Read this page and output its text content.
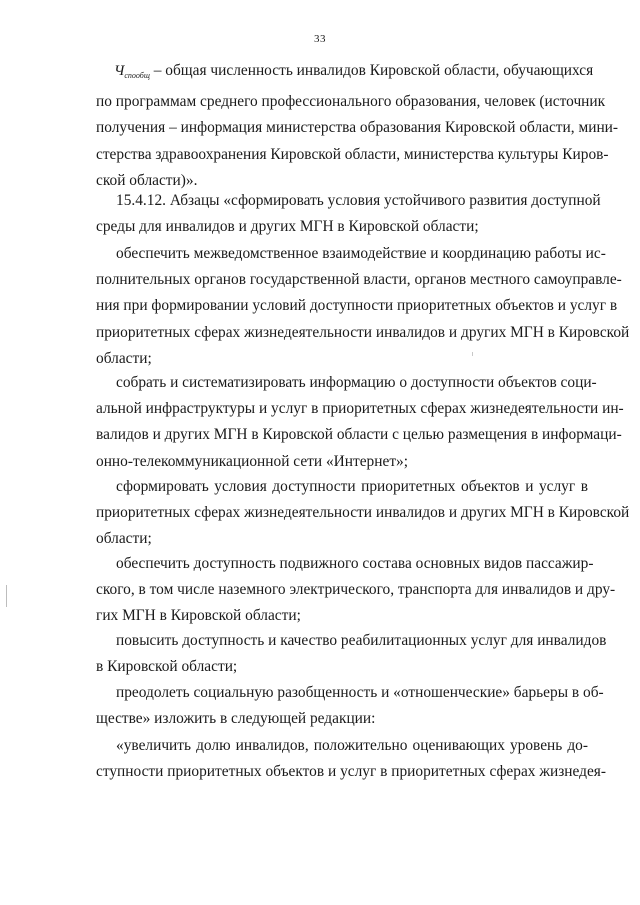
33
$Ч_{спообщ}$ – общая численность инвалидов Кировской области, обучающихся
по программам среднего профессионального образования, человек (источник
получения – информация министерства образования Кировской области, мини-
стерства здравоохранения Кировской области, министерства культуры Киров-
ской области)».
15.4.12. Абзацы «сформировать условия устойчивого развития доступной
среды для инвалидов и других МГН в Кировской области;
обеспечить межведомственное взаимодействие и координацию работы ис-
полнительных органов государственной власти, органов местного самоуправле-
ния при формировании условий доступности приоритетных объектов и услуг в
приоритетных сферах жизнедеятельности инвалидов и других МГН в Кировской
области;
собрать и систематизировать информацию о доступности объектов соци-
альной инфраструктуры и услуг в приоритетных сферах жизнедеятельности ин-
валидов и других МГН в Кировской области с целью размещения в информаци-
онно-телекоммуникационной сети «Интернет»;
сформировать условия доступности приоритетных объектов и услуг в
приоритетных сферах жизнедеятельности инвалидов и других МГН в Кировской
области;
обеспечить доступность подвижного состава основных видов пассажир-
ского, в том числе наземного электрического, транспорта для инвалидов и дру-
гих МГН в Кировской области;
повысить доступность и качество реабилитационных услуг для инвалидов
в Кировской области;
преодолеть социальную разобщенность и «отношенческие» барьеры в об-
ществе» изложить в следующей редакции:
«увеличить долю инвалидов, положительно оценивающих уровень до-
ступности приоритетных объектов и услуг в приоритетных сферах жизнедея-
